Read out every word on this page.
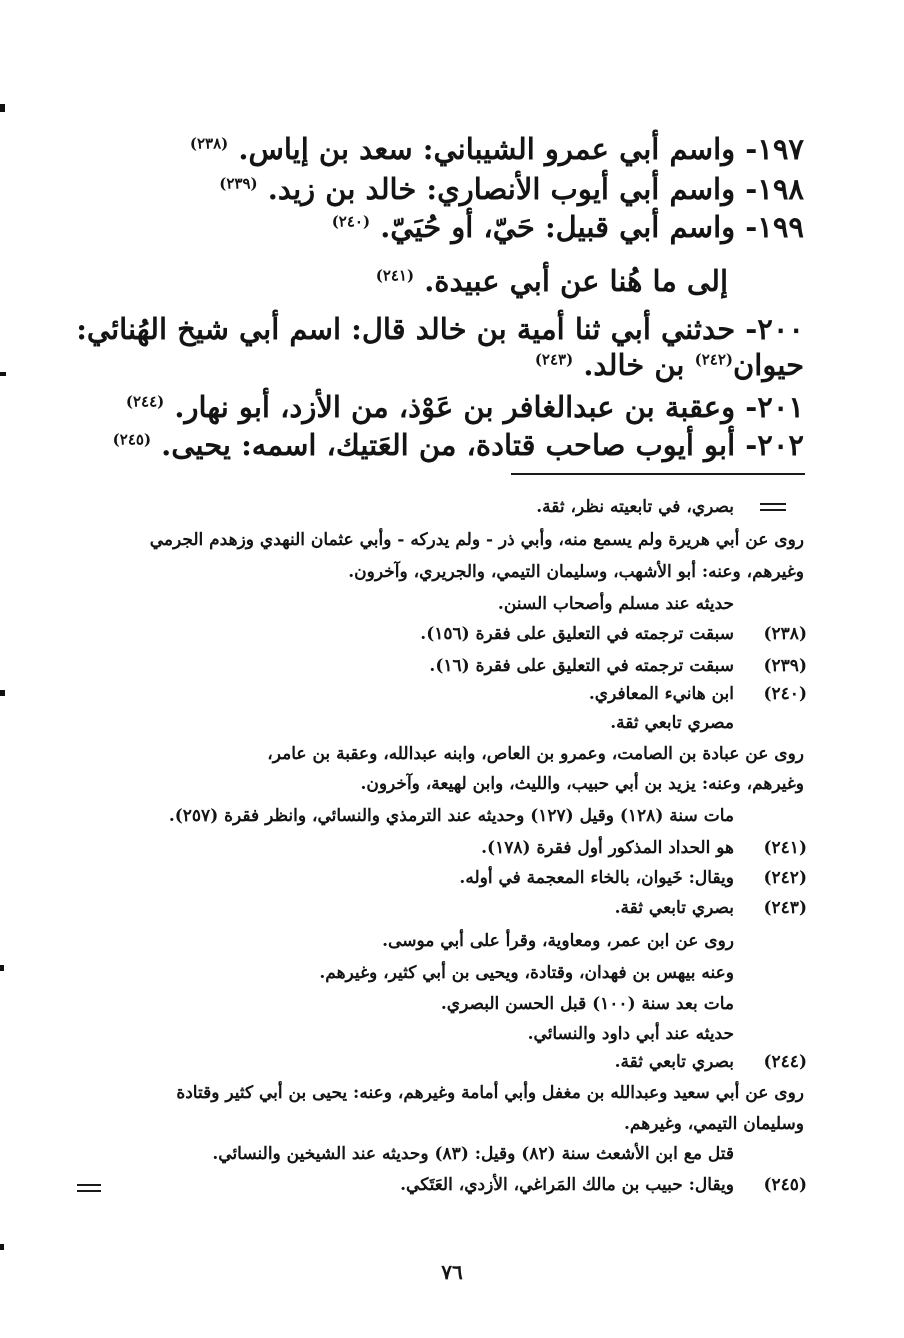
١٩٧- واسم أبي عمرو الشيباني: سعد بن إياس. $^{(٢٣٨)}$
١٩٨- واسم أبي أيوب الأنصاري: خالد بن زيد. $^{(٢٣٩)}$
١٩٩- واسم أبي قبيل: حَيّ، أو حُيَيّ. $^{(٢٤٠)}$
إلى ما هُنا عن أبي عبيدة. $^{(٢٤١)}$
٢٠٠- حدثني أبي ثنا أمية بن خالد قال: اسم أبي شيخ الهُنائي:
حيوان$^{(٢٤٢)}$ بن خالد. $^{(٢٤٣)}$
٢٠١- وعقبة بن عبدالغافر بن عَوْذ، من الأزد، أبو نهار. $^{(٢٤٤)}$
٢٠٢- أبو أيوب صاحب قتادة، من العَتيك، اسمه: يحيى. $^{(٢٤٥)}$
بصري، في تابعيته نظر، ثقة.
روى عن أبي هريرة ولم يسمع منه، وأبي ذر - ولم يدركه - وأبي عثمان النهدي وزهدم الجرمي
وغيرهم، وعنه: أبو الأشهب، وسليمان التيمي، والجريري، وآخرون.
حديثه عند مسلم وأصحاب السنن.
(٢٣٨)
سبقت ترجمته في التعليق على فقرة (١٥٦).
(٢٣٩)
سبقت ترجمته في التعليق على فقرة (١٦).
(٢٤٠)
ابن هانيء المعافري.
مصري تابعي ثقة.
روى عن عبادة بن الصامت، وعمرو بن العاص، وابنه عبدالله، وعقبة بن عامر،
وغيرهم، وعنه: يزيد بن أبي حبيب، والليث، وابن لهيعة، وآخرون.
مات سنة (١٢٨) وقيل (١٢٧) وحديثه عند الترمذي والنسائي، وانظر فقرة (٢٥٧).
(٢٤١)
هو الحداد المذكور أول فقرة (١٧٨).
(٢٤٢)
ويقال: خَيوان، بالخاء المعجمة في أوله.
(٢٤٣)
بصري تابعي ثقة.
روى عن ابن عمر، ومعاوية، وقرأ على أبي موسى.
وعنه بيهس بن فهدان، وقتادة، ويحيى بن أبي كثير، وغيرهم.
مات بعد سنة (١٠٠) قبل الحسن البصري.
حديثه عند أبي داود والنسائي.
(٢٤٤)
بصري تابعي ثقة.
روى عن أبي سعيد وعبدالله بن مغفل وأبي أمامة وغيرهم، وعنه: يحيى بن أبي كثير وقتادة
وسليمان التيمي، وغيرهم.
قتل مع ابن الأشعث سنة (٨٢) وقيل: (٨٣) وحديثه عند الشيخين والنسائي.
(٢٤٥)
ويقال: حبيب بن مالك المَراغي، الأزدي، العَتَكي.
٧٦
